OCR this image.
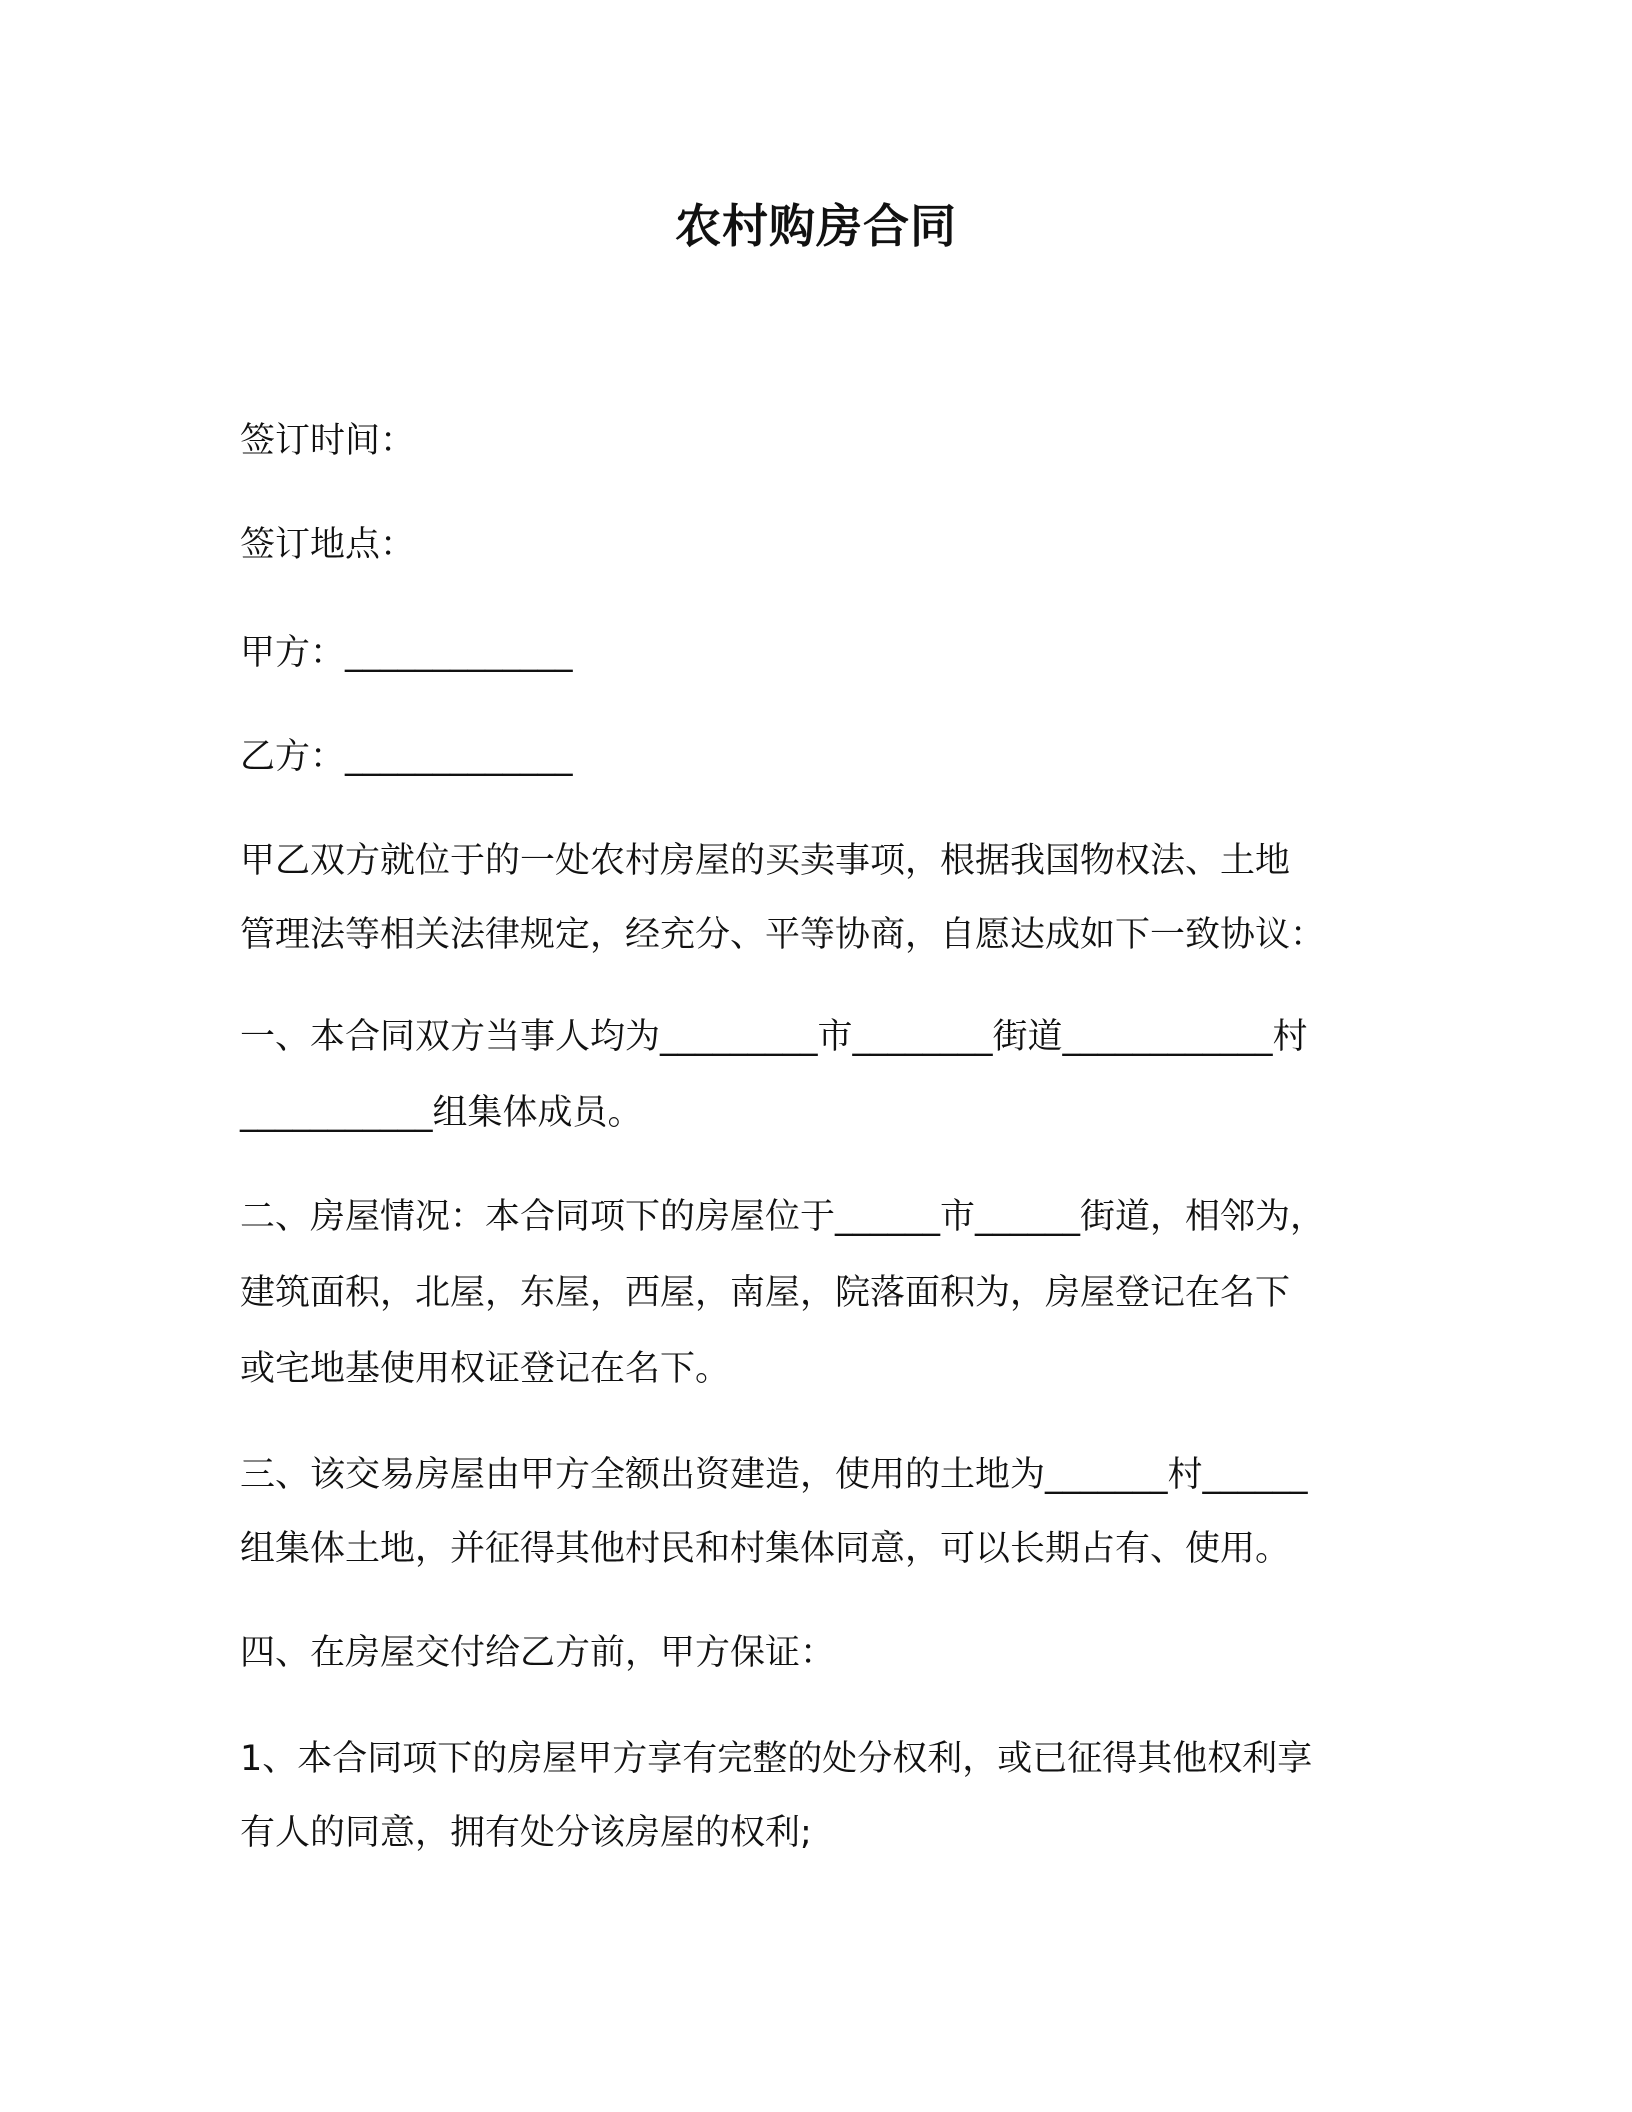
农村购房合同
签订时间：
签订地点：
甲方：_____________
乙方：_____________
甲乙双方就位于的一处农村房屋的买卖事项，根据我国物权法、土地
管理法等相关法律规定，经充分、平等协商，自愿达成如下一致协议：
一、本合同双方当事人均为_________市________街道____________村
___________组集体成员。
二、房屋情况：本合同项下的房屋位于______市______街道，相邻为，
建筑面积，北屋，东屋，西屋，南屋，院落面积为，房屋登记在名下
或宅地基使用权证登记在名下。
三、该交易房屋由甲方全额出资建造，使用的土地为_______村______
组集体土地，并征得其他村民和村集体同意，可以长期占有、使用。
四、在房屋交付给乙方前，甲方保证：
1、本合同项下的房屋甲方享有完整的处分权利，或已征得其他权利享
有人的同意，拥有处分该房屋的权利;
